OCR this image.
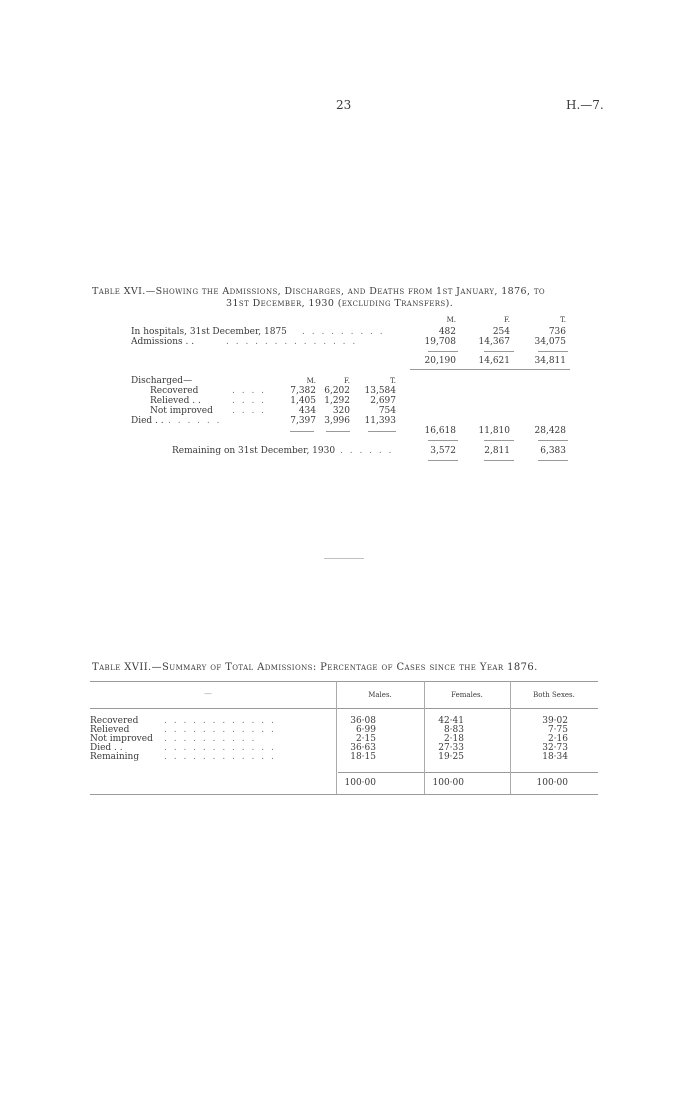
23	H.—7.
Table XVI.—Showing the Admissions, Discharges, and Deaths from 1st January, 1876, to
31st December, 1930 (excluding Transfers).
M.	F.	T.
In hospitals, 31st December, 1875 . . . . . . . . .	482	254	736
Admissions . .	. . . . . . . . . . . . . .	19,708	14,367	34,075
20,190	14,621	34,811
Discharged—	M.	F.	T.
Recovered	. . . .	7,382 6,202	13,584
Relieved . .	. . . .	1,405 1,292	2,697
Not improved . . . .	434	320	754
Died . . . . . . . .	7,397 3,996	11,393
16,618	11,810	28,428
Remaining on 31st December, 1930 . . . . . .	3,572	2,811	6,383
Table XVII.—Summary of Total Admissions: Percentage of Cases since the Year 1876.
—	Males.	Females.	Both Sexes.
Recovered	. . . . . . . . . . . .	36·08	42·41	39·02
Relieved	. . . . . . . . . . . .	6·99	8·83	7·75
Not improved . . . . . . . . . .	2·15	2·18	2·16
Died . .	. . . . . . . . . . . .	36·63	27·33	32·73
Remaining	. . . . . . . . . . . .	18·15	19·25	18·34
100·00	100·00	100·00
